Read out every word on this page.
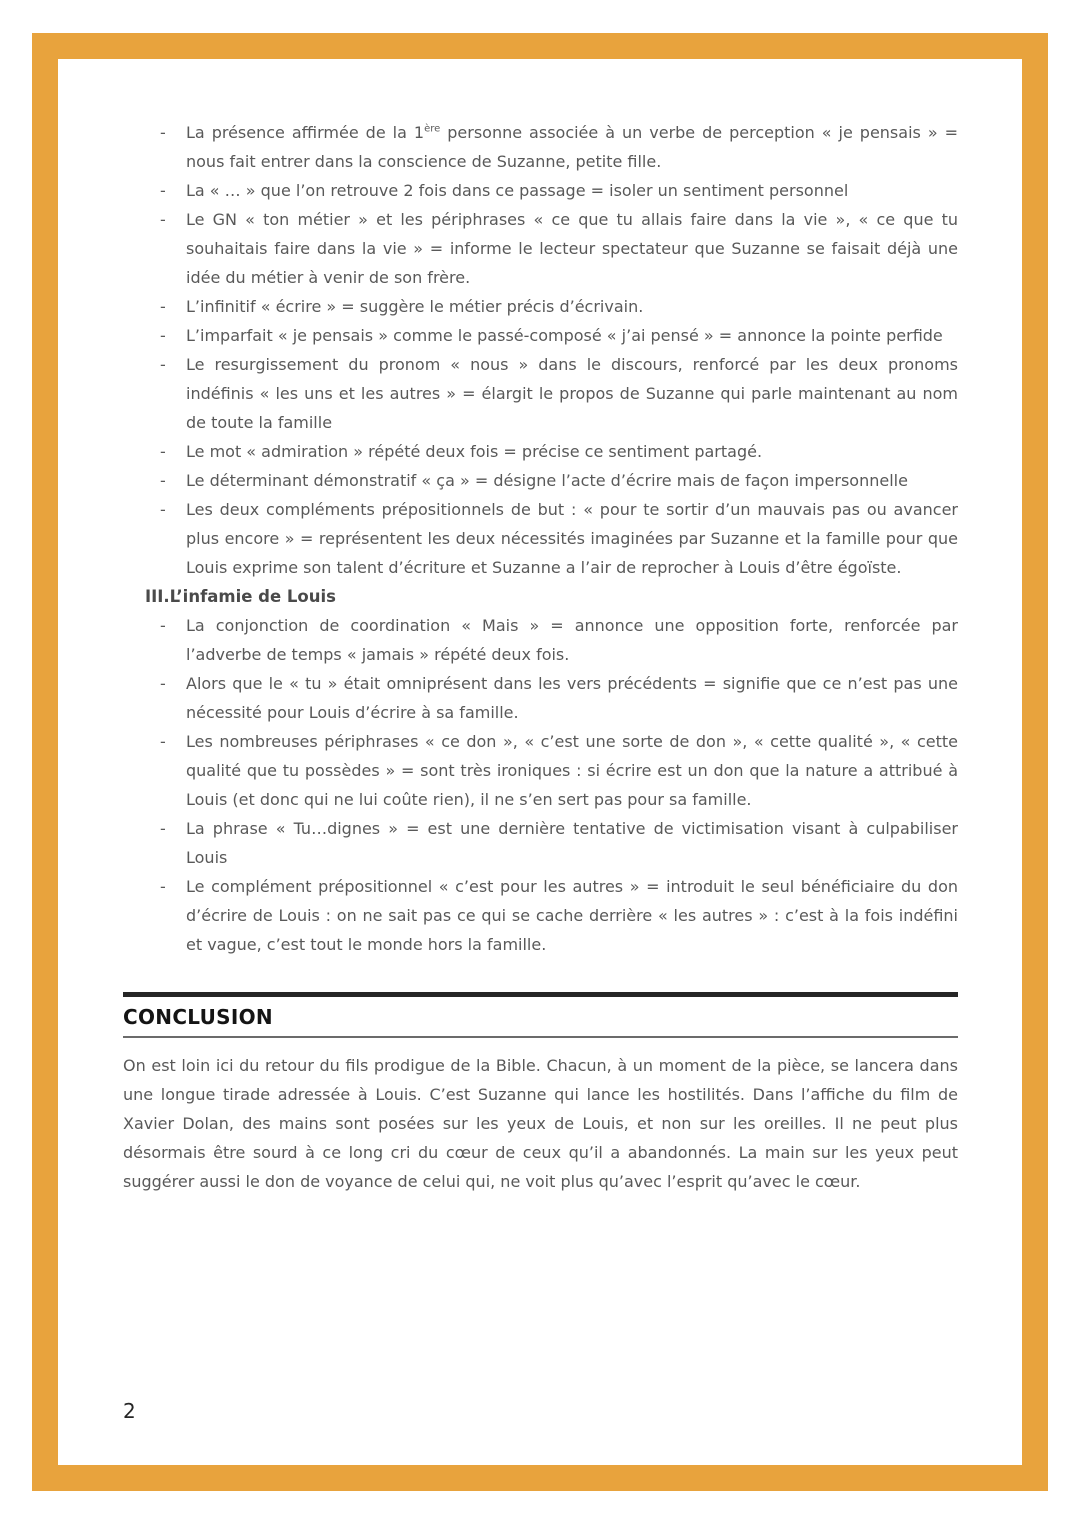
- La présence affirmée de la 1ère personne associée à un verbe de perception « je pensais » = nous fait entrer dans la conscience de Suzanne, petite fille.
- La « … » que l’on retrouve 2 fois dans ce passage = isoler un sentiment personnel
- Le GN « ton métier » et les périphrases « ce que tu allais faire dans la vie », « ce que tu souhaitais faire dans la vie » = informe le lecteur spectateur que Suzanne se faisait déjà une idée du métier à venir de son frère.
- L’infinitif « écrire » = suggère le métier précis d’écrivain.
- L’imparfait « je pensais » comme le passé-composé « j’ai pensé » = annonce la pointe perfide
- Le resurgissement du pronom « nous » dans le discours, renforcé par les deux pronoms indéfinis « les uns et les autres » = élargit le propos de Suzanne qui parle maintenant au nom de toute la famille
- Le mot « admiration » répété deux fois = précise ce sentiment partagé.
- Le déterminant démonstratif « ça » = désigne l’acte d’écrire mais de façon impersonnelle
- Les deux compléments prépositionnels de but : « pour te sortir d’un mauvais pas ou avancer plus encore » = représentent les deux nécessités imaginées par Suzanne et la famille pour que Louis exprime son talent d’écriture et Suzanne a l’air de reprocher à Louis d’être égoïste.
III.L’infamie de Louis
- La conjonction de coordination « Mais » = annonce une opposition forte, renforcée par l’adverbe de temps « jamais » répété deux fois.
- Alors que le « tu » était omniprésent dans les vers précédents = signifie que ce n’est pas une nécessité pour Louis d’écrire à sa famille.
- Les nombreuses périphrases « ce don », « c’est une sorte de don », « cette qualité », « cette qualité que tu possèdes » = sont très ironiques : si écrire est un don que la nature a attribué à Louis (et donc qui ne lui coûte rien), il ne s’en sert pas pour sa famille.
- La phrase « Tu…dignes » = est une dernière tentative de victimisation visant à culpabiliser Louis
- Le complément prépositionnel « c’est pour les autres » = introduit le seul bénéficiaire du don d’écrire de Louis : on ne sait pas ce qui se cache derrière « les autres » : c’est à la fois indéfini et vague, c’est tout le monde hors la famille.
CONCLUSION

On est loin ici du retour du fils prodigue de la Bible. Chacun, à un moment de la pièce, se lancera dans une longue tirade adressée à Louis. C’est Suzanne qui lance les hostilités. Dans l’affiche du film de Xavier Dolan, des mains sont posées sur les yeux de Louis, et non sur les oreilles. Il ne peut plus désormais être sourd à ce long cri du cœur de ceux qu’il a abandonnés. La main sur les yeux peut suggérer aussi le don de voyance de celui qui, ne voit plus qu’avec l’esprit qu’avec le cœur.

2
